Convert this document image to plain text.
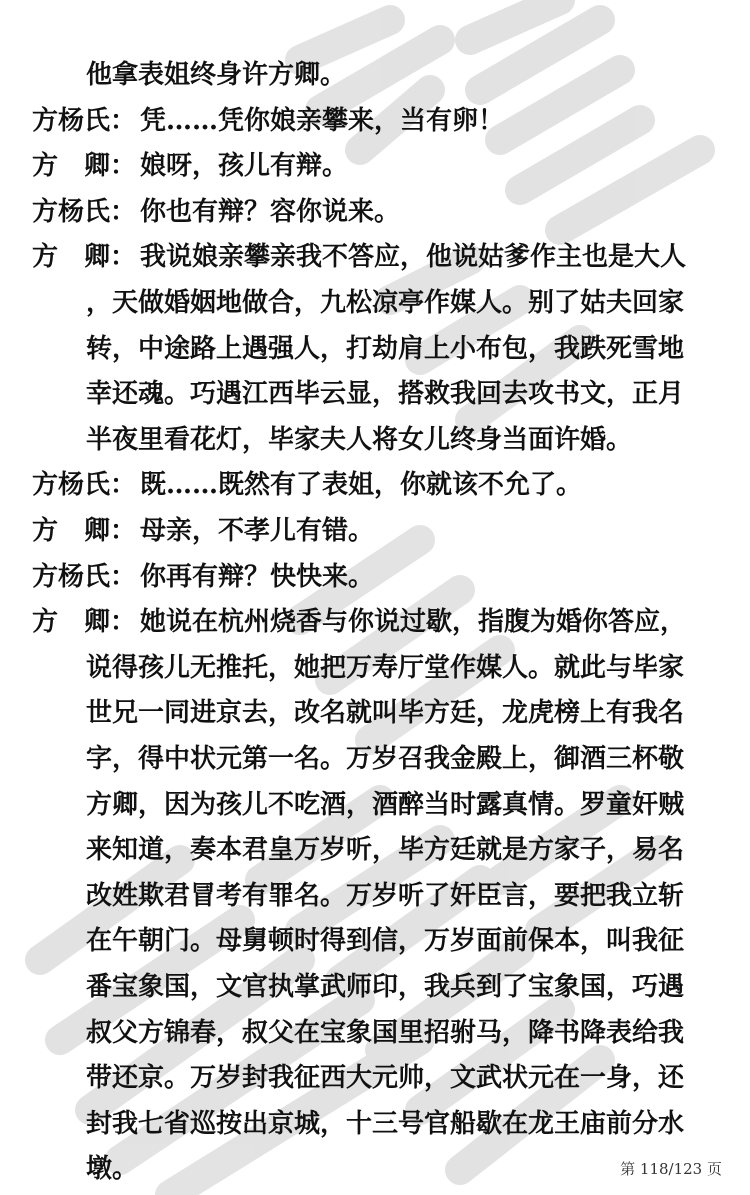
他拿表姐终身许方卿。
方杨氏： 凭……凭你娘亲攀来，当有卵！
方　卿： 娘呀，孩儿有辩。
方杨氏： 你也有辩？容你说来。
方　卿： 我说娘亲攀亲我不答应，他说姑爹作主也是大人
，天做婚姻地做合，九松凉亭作媒人。别了姑夫回家
转，中途路上遇强人，打劫肩上小布包，我跌死雪地
幸还魂。巧遇江西毕云显，搭救我回去攻书文，正月
半夜里看花灯，毕家夫人将女儿终身当面许婚。
方杨氏： 既……既然有了表姐，你就该不允了。
方　卿： 母亲，不孝儿有错。
方杨氏： 你再有辩？快快来。
方　卿： 她说在杭州烧香与你说过歇，指腹为婚你答应，
说得孩儿无推托，她把万寿厅堂作媒人。就此与毕家
世兄一同进京去，改名就叫毕方廷，龙虎榜上有我名
字，得中状元第一名。万岁召我金殿上，御酒三杯敬
方卿，因为孩儿不吃酒，酒醉当时露真情。罗童奸贼
来知道，奏本君皇万岁听，毕方廷就是方家子，易名
改姓欺君冒考有罪名。万岁听了奸臣言，要把我立斩
在午朝门。母舅顿时得到信，万岁面前保本，叫我征
番宝象国，文官执掌武师印，我兵到了宝象国，巧遇
叔父方锦春，叔父在宝象国里招驸马，降书降表给我
带还京。万岁封我征西大元帅，文武状元在一身，还
封我七省巡按出京城，十三号官船歇在龙王庙前分水
墩。	第 118/123 页
